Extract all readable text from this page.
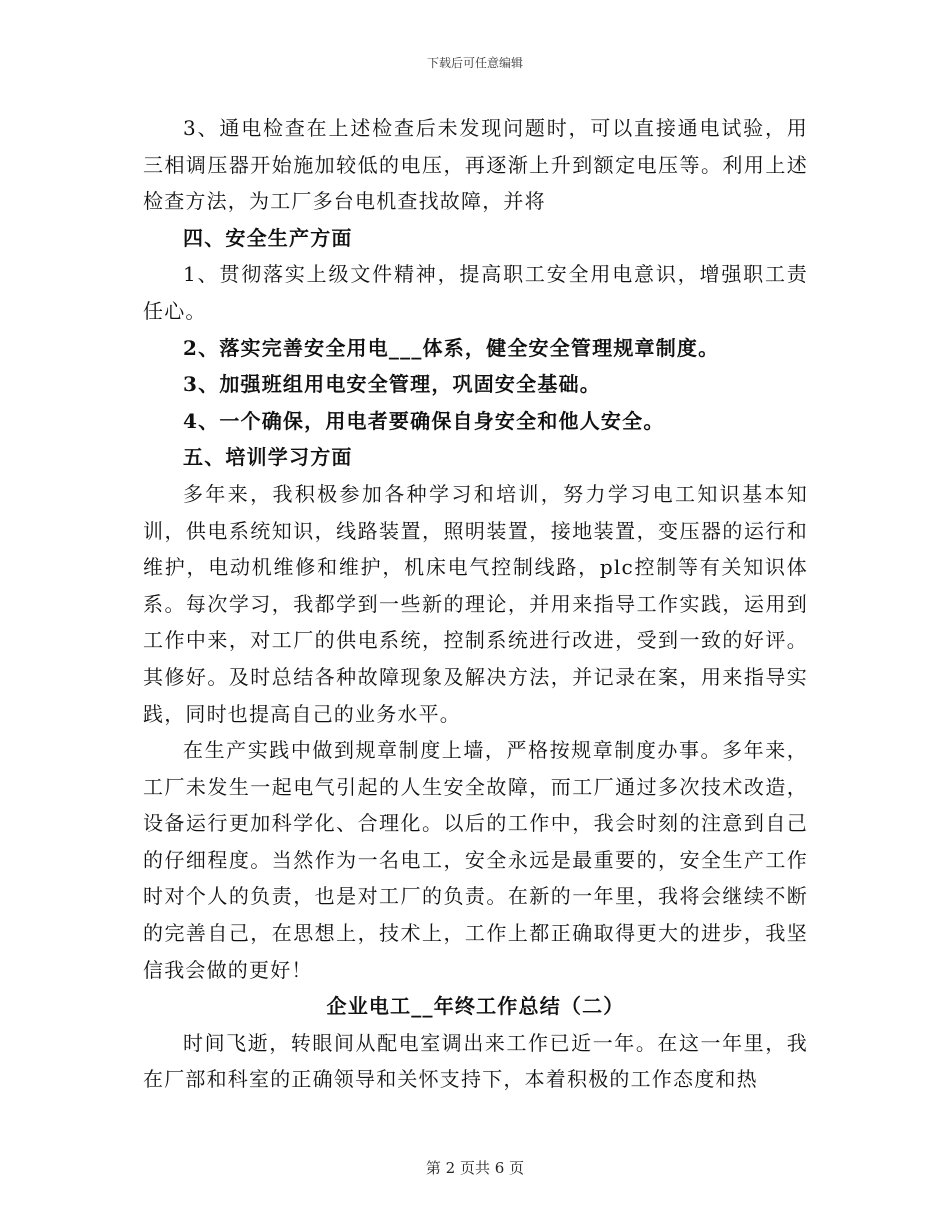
下载后可任意编辑

3、通电检查在上述检查后未发现问题时，可以直接通电试验，用三相调压器开始施加较低的电压，再逐渐上升到额定电压等。利用上述检查方法，为工厂多台电机查找故障，并将

四、安全生产方面

1、贯彻落实上级文件精神，提高职工安全用电意识，增强职工责任心。

2、落实完善安全用电___体系，健全安全管理规章制度。

3、加强班组用电安全管理，巩固安全基础。

4、一个确保，用电者要确保自身安全和他人安全。

五、培训学习方面

多年来，我积极参加各种学习和培训，努力学习电工知识基本知训，供电系统知识，线路装置，照明装置，接地装置，变压器的运行和维护，电动机维修和维护，机床电气控制线路，plc控制等有关知识体系。每次学习，我都学到一些新的理论，并用来指导工作实践，运用到工作中来，对工厂的供电系统，控制系统进行改进，受到一致的好评。其修好。及时总结各种故障现象及解决方法，并记录在案，用来指导实践，同时也提高自己的业务水平。

在生产实践中做到规章制度上墙，严格按规章制度办事。多年来，工厂未发生一起电气引起的人生安全故障，而工厂通过多次技术改造，设备运行更加科学化、合理化。以后的工作中，我会时刻的注意到自己的仔细程度。当然作为一名电工，安全永远是最重要的，安全生产工作时对个人的负责，也是对工厂的负责。在新的一年里，我将会继续不断的完善自己，在思想上，技术上，工作上都正确取得更大的进步，我坚信我会做的更好！

企业电工__年终工作总结（二）

时间飞逝，转眼间从配电室调出来工作已近一年。在这一年里，我在厂部和科室的正确领导和关怀支持下，本着积极的工作态度和热

第 2 页共 6 页
